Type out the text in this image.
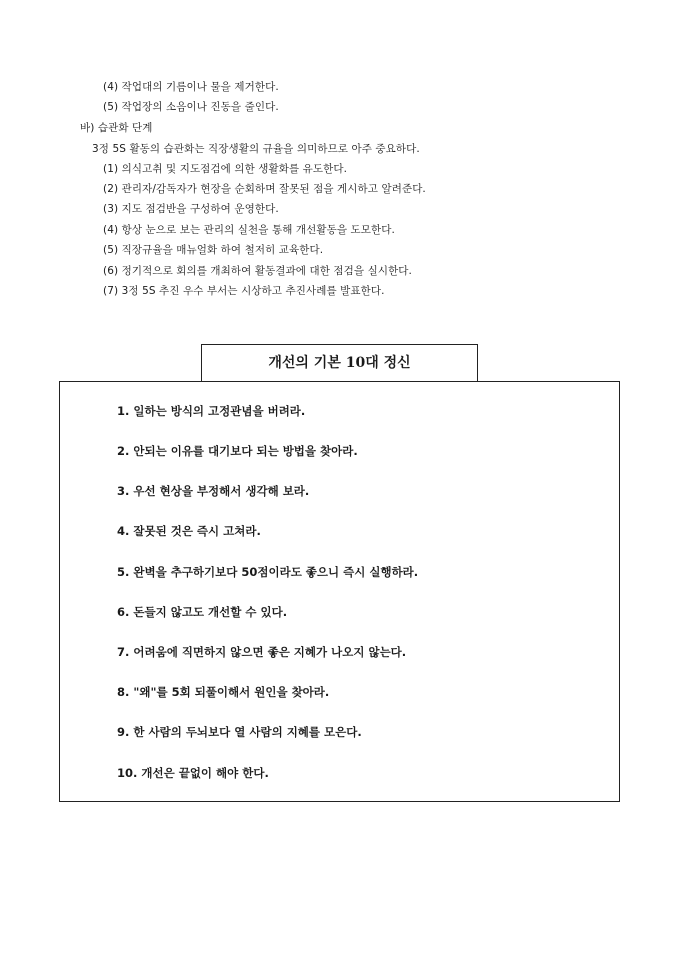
(4) 작업대의 기름이나 물을 제거한다.
(5) 작업장의 소음이나 진동을 줄인다.
바) 습관화 단계
3정 5S 활동의 습관화는 직장생활의 규율을 의미하므로 아주 중요하다.
(1) 의식고취 및 지도점검에 의한 생활화를 유도한다.
(2) 관리자/감독자가 현장을 순회하며 잘못된 점을 게시하고 알려준다.
(3) 지도 점검반을 구성하여 운영한다.
(4) 항상 눈으로 보는 관리의 실천을 통해 개선활동을 도모한다.
(5) 직장규율을 매뉴얼화 하여 철저히 교육한다.
(6) 정기적으로 회의를 개최하여 활동결과에 대한 점검을 실시한다.
(7) 3정 5S 추진 우수 부서는 시상하고 추진사례를 발표한다.
개선의 기본 10대 정신
1. 일하는 방식의 고정관념을 버려라.
2. 안되는 이유를 대기보다 되는 방법을 찾아라.
3. 우선 현상을 부정해서 생각해 보라.
4. 잘못된 것은 즉시 고쳐라.
5. 완벽을 추구하기보다 50점이라도 좋으니 즉시 실행하라.
6. 돈들지 않고도 개선할 수 있다.
7. 어려움에 직면하지 않으면 좋은 지혜가 나오지 않는다.
8. "왜"를 5회 되풀이해서 원인을 찾아라.
9. 한 사람의 두뇌보다 열 사람의 지혜를 모은다.
10. 개선은 끝없이 해야 한다.
